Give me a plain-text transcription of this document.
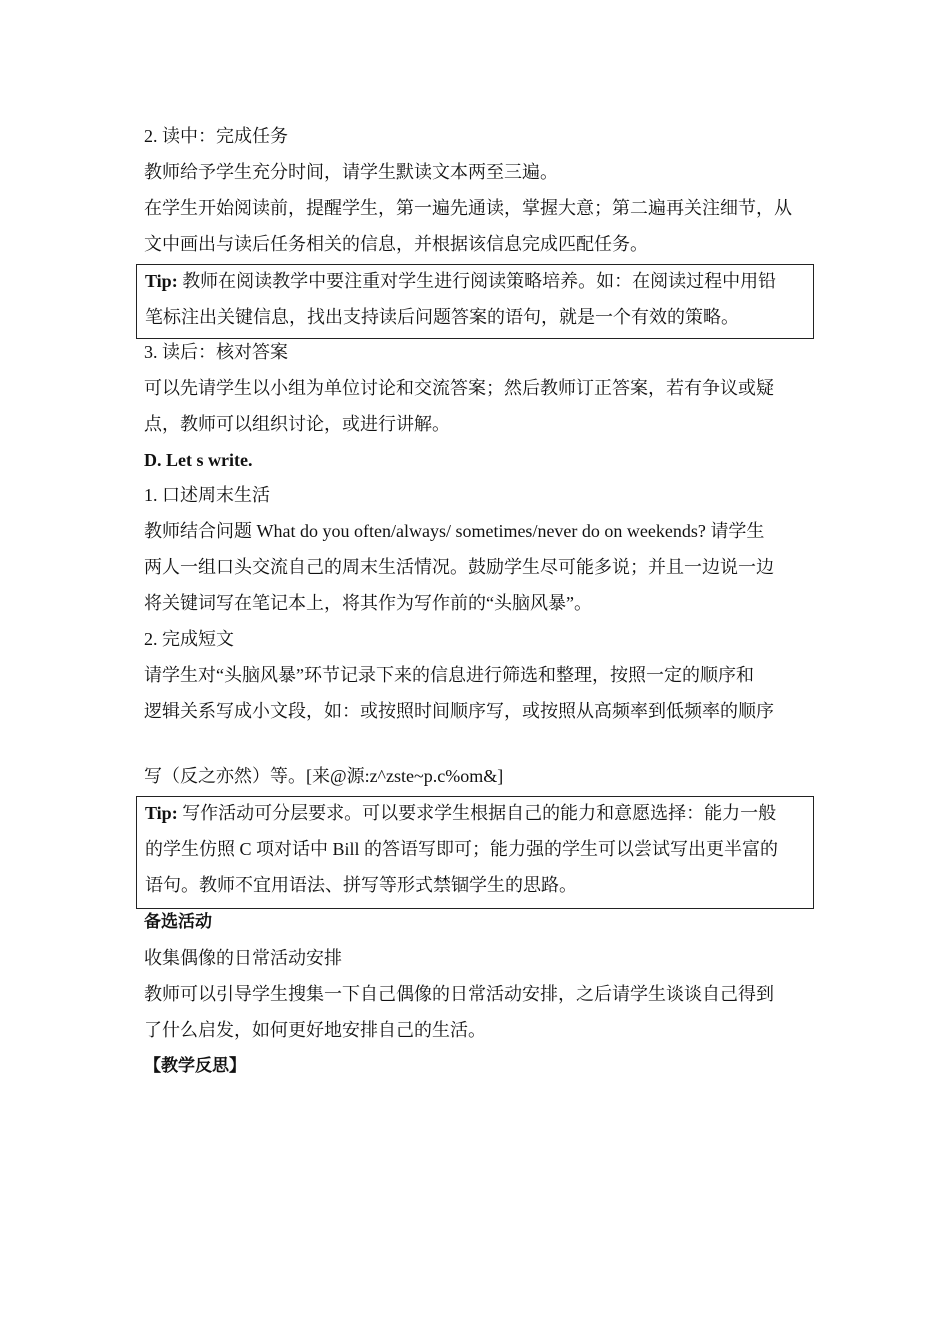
2. 读中：完成任务
教师给予学生充分时间，请学生默读文本两至三遍。
在学生开始阅读前，提醒学生，第一遍先通读，掌握大意；第二遍再关注细节，从
文中画出与读后任务相关的信息，并根据该信息完成匹配任务。
Tip: 教师在阅读教学中要注重对学生进行阅读策略培养。如：在阅读过程中用铅
笔标注出关键信息，找出支持读后问题答案的语句，就是一个有效的策略。
3. 读后：核对答案
可以先请学生以小组为单位讨论和交流答案；然后教师订正答案，若有争议或疑
点，教师可以组织讨论，或进行讲解。
D. Let s write.
1. 口述周末生活
教师结合问题 What do you often/always/ sometimes/never do on weekends? 请学生
两人一组口头交流自己的周末生活情况。鼓励学生尽可能多说；并且一边说一边
将关键词写在笔记本上，将其作为写作前的“头脑风暴”。
2. 完成短文
请学生对“头脑风暴”环节记录下来的信息进行筛选和整理，按照一定的顺序和
逻辑关系写成小文段，如：或按照时间顺序写，或按照从高频率到低频率的顺序
写（反之亦然）等。[来@源:z^zste~p.c%om&]
Tip: 写作活动可分层要求。可以要求学生根据自己的能力和意愿选择：能力一般
的学生仿照 C 项对话中 Bill 的答语写即可；能力强的学生可以尝试写出更半富的
语句。教师不宜用语法、拼写等形式禁锢学生的思路。
备选活动
收集偶像的日常活动安排
教师可以引导学生搜集一下自己偶像的日常活动安排，之后请学生谈谈自己得到
了什么启发，如何更好地安排自己的生活。
【教学反思】
